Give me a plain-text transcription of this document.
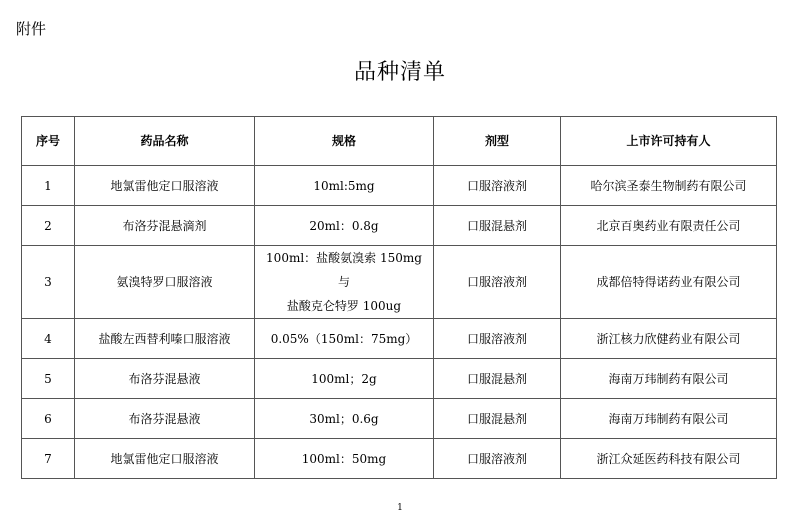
附件
品种清单
序号	药品名称	规格	剂型	上市许可持有人
1	地氯雷他定口服溶液	10ml:5mg	口服溶液剂	哈尔滨圣泰生物制药有限公司
2	布洛芬混悬滴剂	20ml：0.8g	口服混悬剂	北京百奥药业有限责任公司
3	氨溴特罗口服溶液	100ml：盐酸氨溴索 150mg 与
盐酸克仑特罗 100ug	口服溶液剂	成都倍特得诺药业有限公司
4	盐酸左西替利嗪口服溶液	0.05%（150ml：75mg）	口服溶液剂	浙江核力欣健药业有限公司
5	布洛芬混悬液	100ml；2g	口服混悬剂	海南万玮制药有限公司
6	布洛芬混悬液	30ml；0.6g	口服混悬剂	海南万玮制药有限公司
7	地氯雷他定口服溶液	100ml：50mg	口服溶液剂	浙江众延医药科技有限公司
1
